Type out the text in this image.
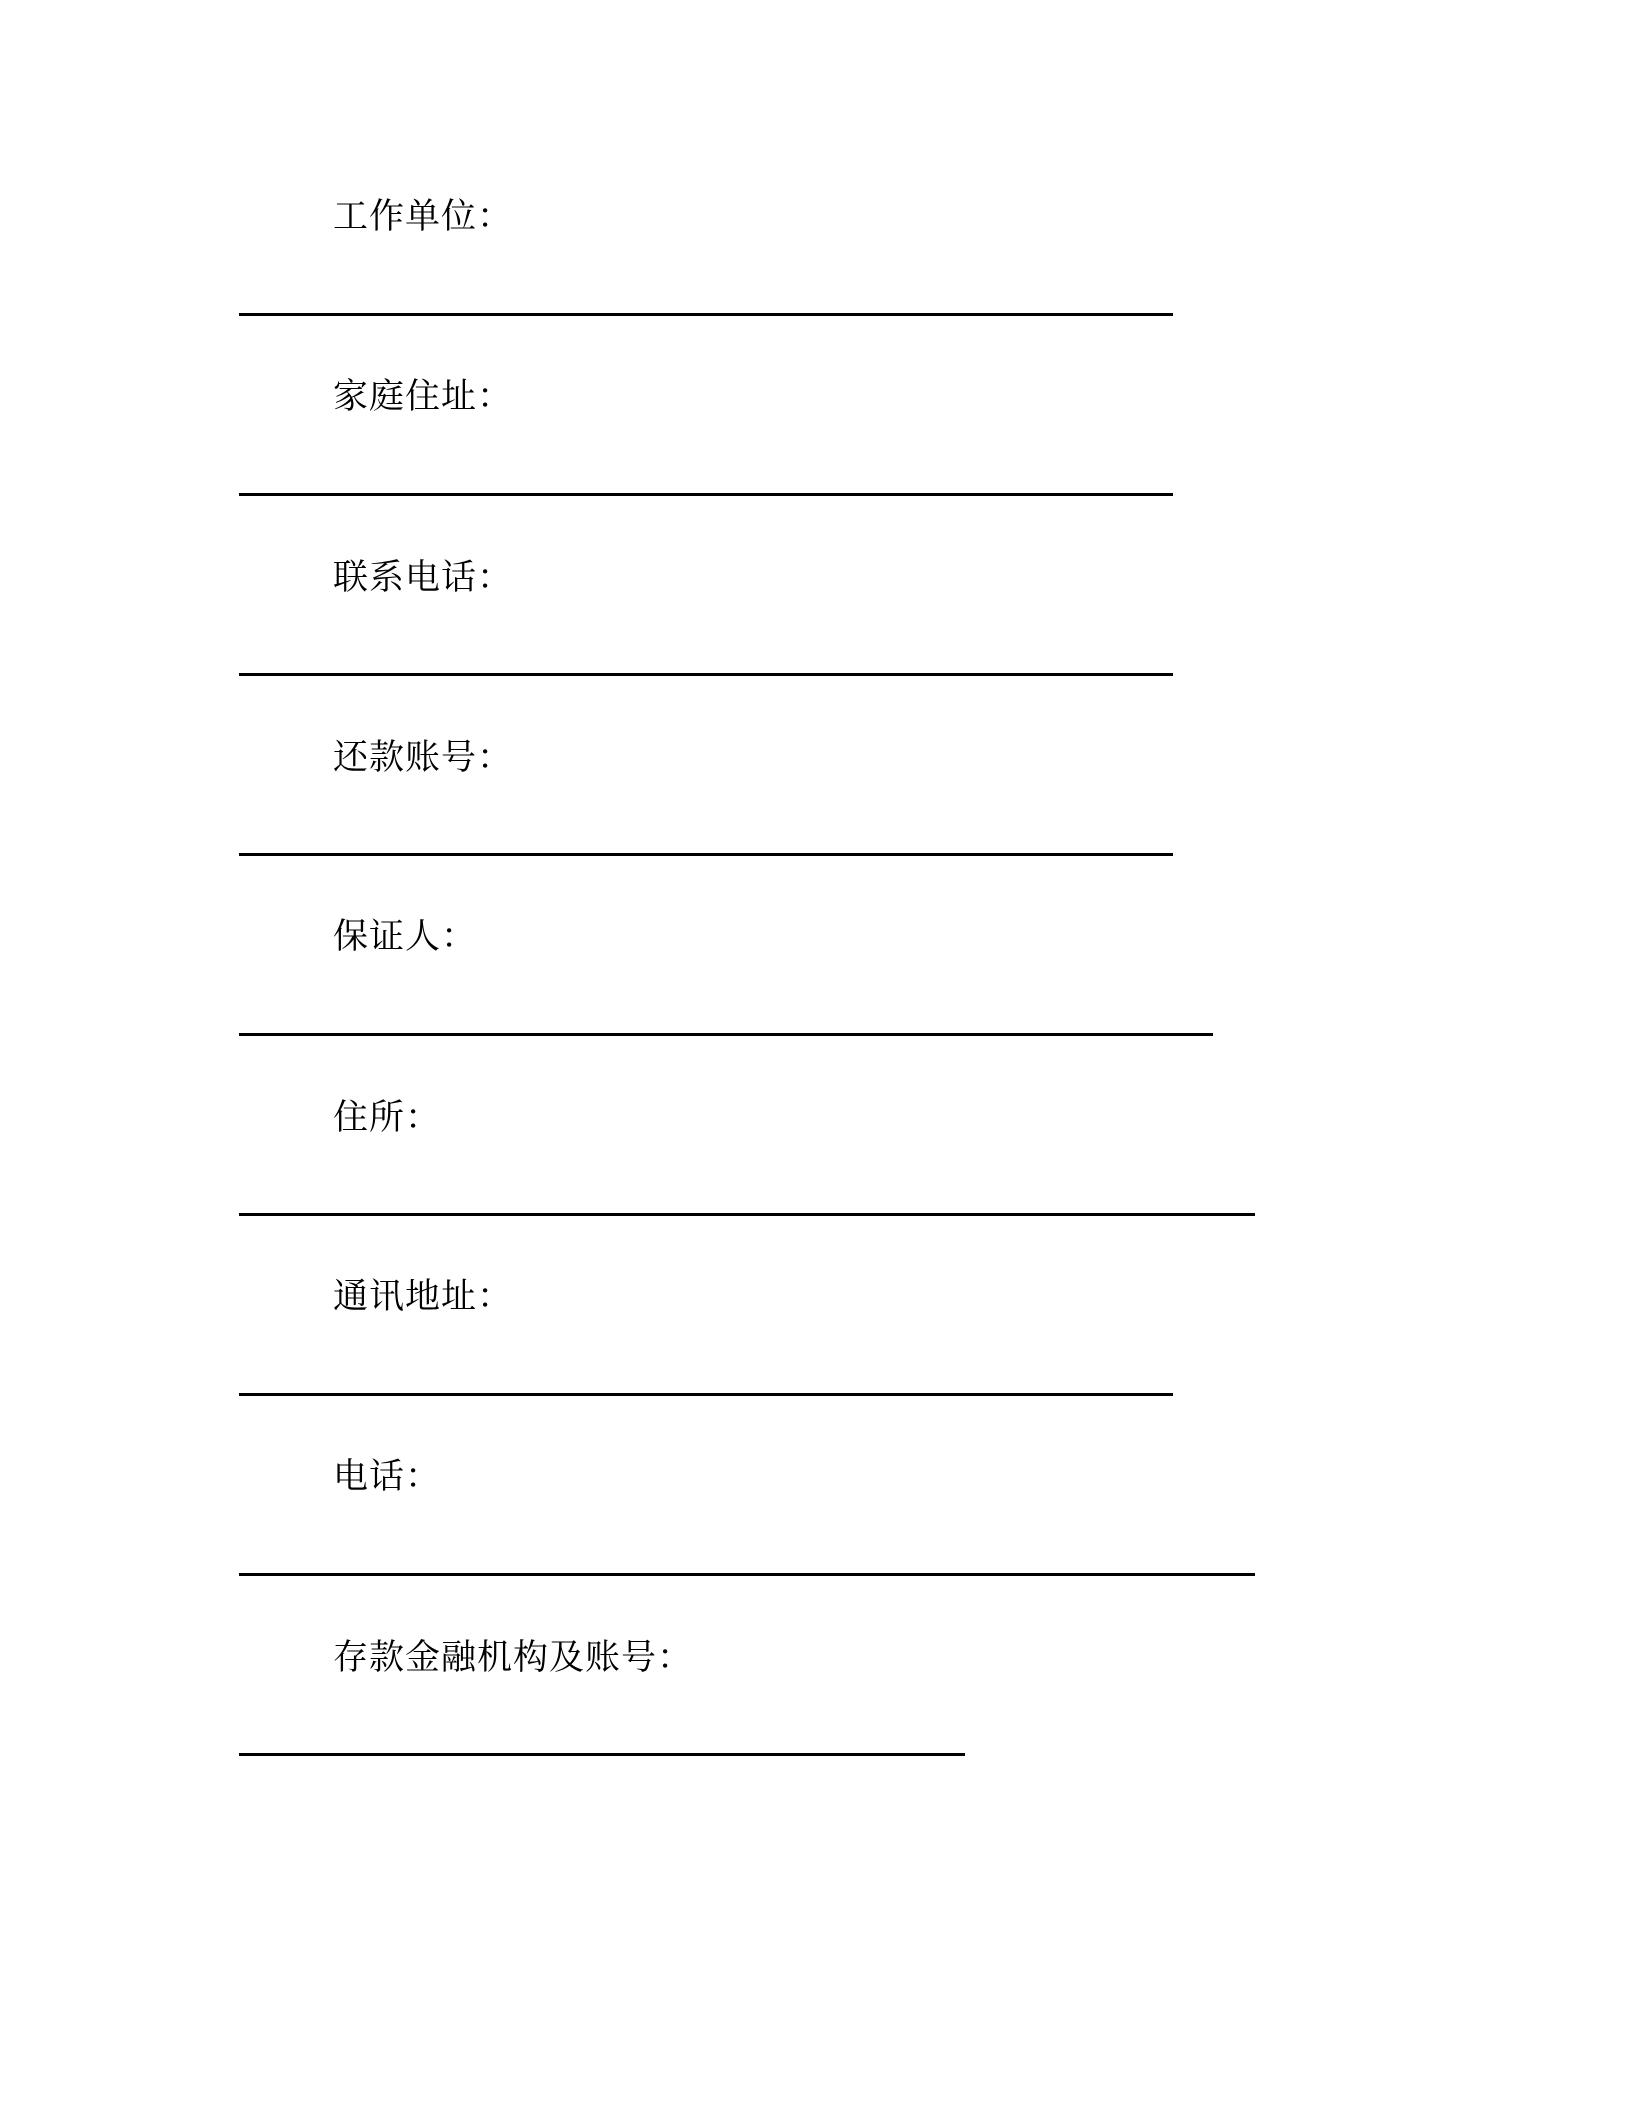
工作单位：
家庭住址：
联系电话：
还款账号：
保证人：
住所：
通讯地址：
电话：
存款金融机构及账号：
